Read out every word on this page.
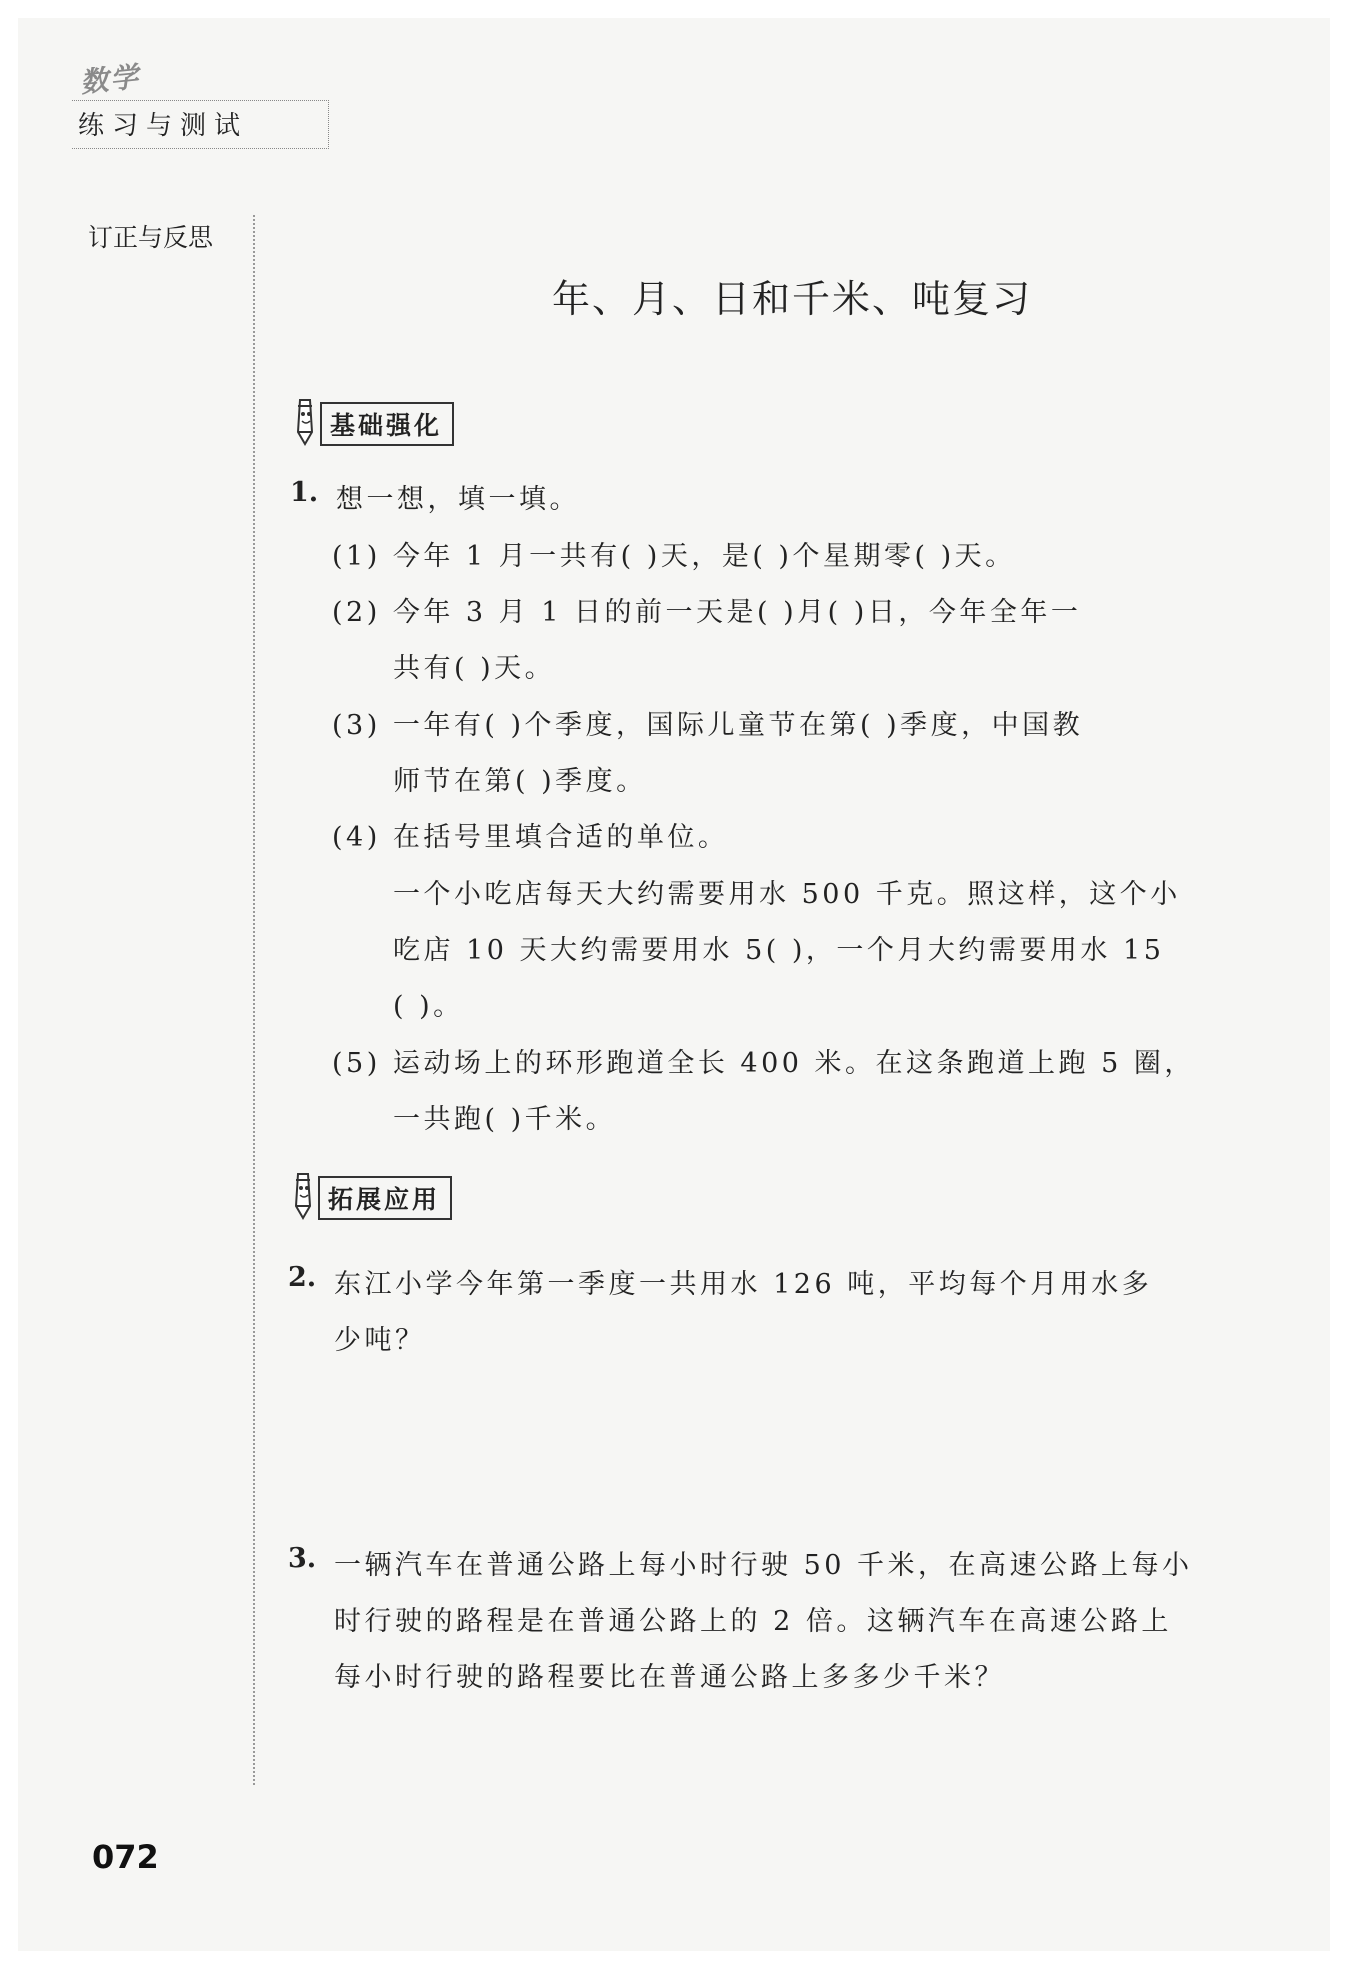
数学
练习与测试
订正与反思
年、月、日和千米、吨复习
基础强化
1. 想一想，填一填。
(1) 今年 1 月一共有( )天，是( )个星期零( )天。
(2) 今年 3 月 1 日的前一天是( )月( )日，今年全年一
共有( )天。
(3) 一年有( )个季度，国际儿童节在第( )季度，中国教
师节在第( )季度。
(4) 在括号里填合适的单位。
一个小吃店每天大约需要用水 500 千克。照这样，这个小
吃店 10 天大约需要用水 5( )，一个月大约需要用水 15
( )。
(5) 运动场上的环形跑道全长 400 米。在这条跑道上跑 5 圈，
一共跑( )千米。
拓展应用
2. 东江小学今年第一季度一共用水 126 吨，平均每个月用水多
少吨？
3. 一辆汽车在普通公路上每小时行驶 50 千米，在高速公路上每小
时行驶的路程是在普通公路上的 2 倍。这辆汽车在高速公路上
每小时行驶的路程要比在普通公路上多多少千米？
072
